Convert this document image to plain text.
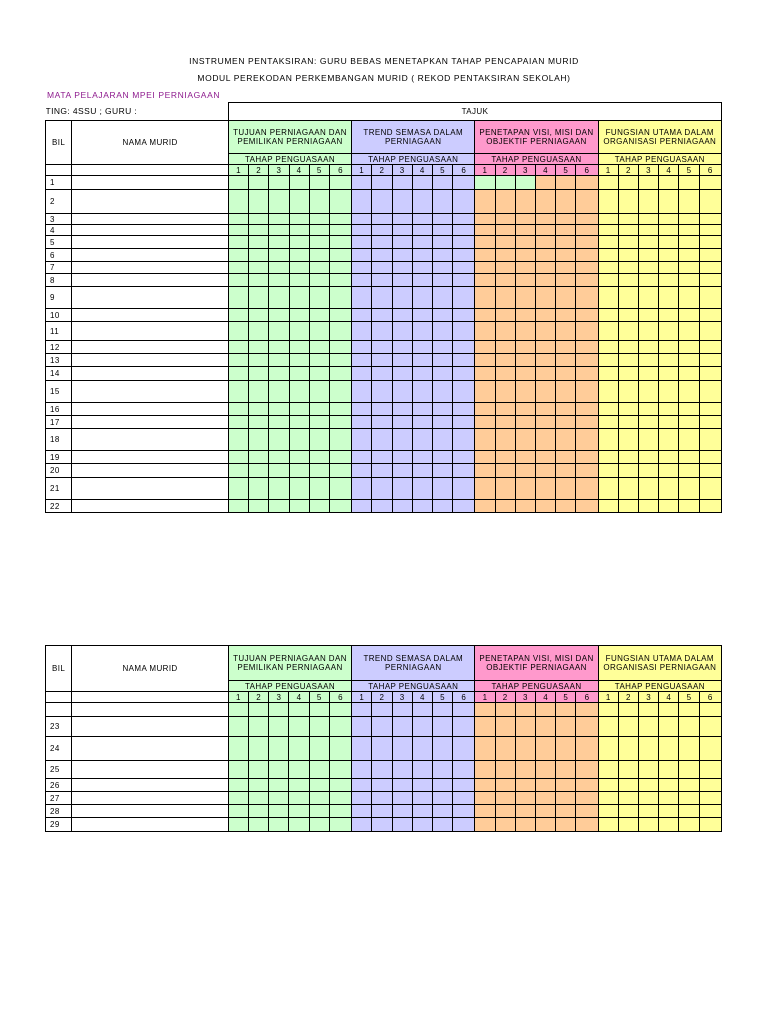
INSTRUMEN PENTAKSIRAN: GURU BEBAS MENETAPKAN TAHAP PENCAPAIAN MURID
MODUL PEREKODAN PERKEMBANGAN MURID ( REKOD PENTAKSIRAN SEKOLAH)
MATA PELAJARAN MPEI PERNIAGAAN
TING: 4SSU ; GURU :		TAJUK																							
BIL	NAMA MURID	TUJUAN PERNIAGAAN DAN PEMILIKAN PERNIAGAAN						TREND SEMASA DALAM PERNIAGAAN						PENETAPAN VISI, MISI DAN OBJEKTIF PERNIAGAAN						FUNGSIAN UTAMA DALAM ORGANISASI PERNIAGAAN					
		TAHAP PENGUASAAN						TAHAP PENGUASAAN						TAHAP PENGUASAAN						TAHAP PENGUASAAN					
		1	2	3	4	5	6	1	2	3	4	5	6	1	2	3	4	5	6	1	2	3	4	5	6
1																									
2																									
3																									
4																									
5																									
6																									
7																									
8																									
9																									
10																									
11																									
12																									
13																									
14																									
15																									
16																									
17																									
18																									
19																									
20																									
21																									
22																									
BIL	NAMA MURID	TUJUAN PERNIAGAAN DAN PEMILIKAN PERNIAGAAN						TREND SEMASA DALAM PERNIAGAAN						PENETAPAN VISI, MISI DAN OBJEKTIF PERNIAGAAN						FUNGSIAN UTAMA DALAM ORGANISASI PERNIAGAAN					
		TAHAP PENGUASAAN						TAHAP PENGUASAAN						TAHAP PENGUASAAN						TAHAP PENGUASAAN					
		1	2	3	4	5	6	1	2	3	4	5	6	1	2	3	4	5	6	1	2	3	4	5	6

23																									
24																									
25																									
26																									
27																									
28																									
29																									
